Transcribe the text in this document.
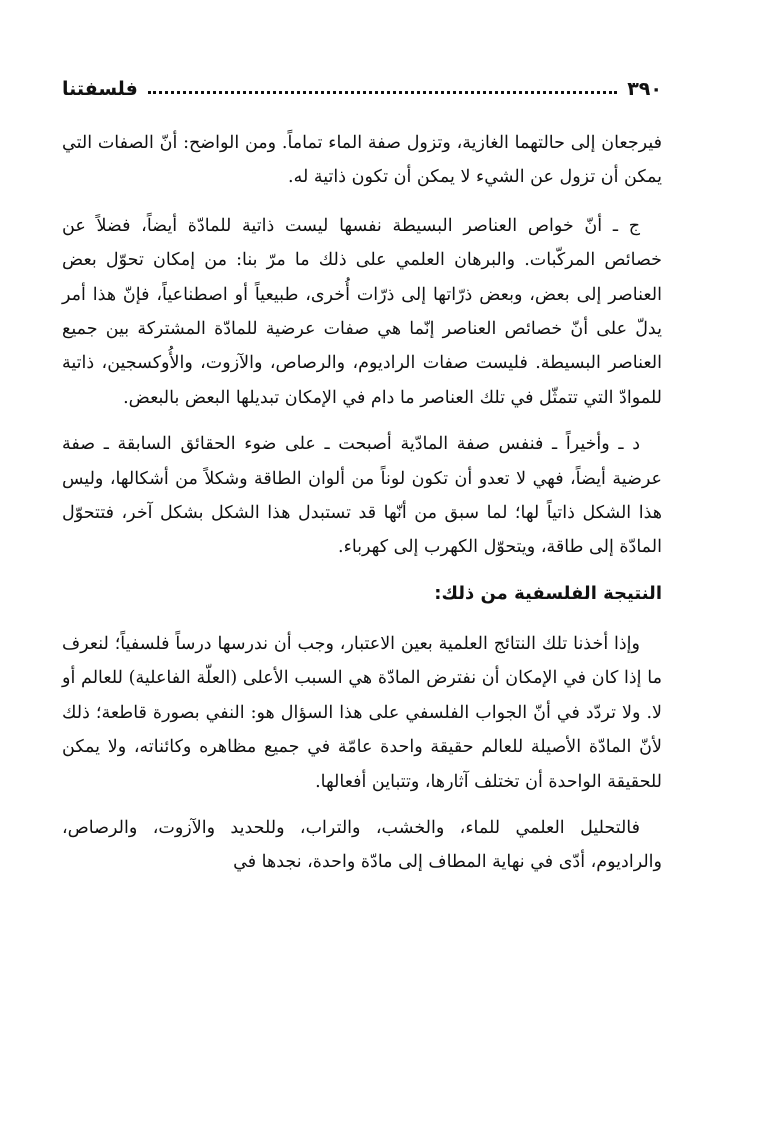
٣٩٠
فلسفتنا

فيرجعان إلى حالتهما الغازية، وتزول صفة الماء تماماً. ومن الواضح: أنّ الصفات التي يمكن أن تزول عن الشيء لا يمكن أن تكون ذاتية له.

ج ـ أنّ خواص العناصر البسيطة نفسها ليست ذاتية للمادّة أيضاً، فضلاً عن خصائص المركّبات. والبرهان العلمي على ذلك ما مرّ بنا: من إمكان تحوّل بعض العناصر إلى بعض، وبعض ذرّاتها إلى ذرّات أُخرى، طبيعياً أو اصطناعياً، فإنّ هذا أمر يدلّ على أنّ خصائص العناصر إنّما هي صفات عرضية للمادّة المشتركة بين جميع العناصر البسيطة. فليست صفات الراديوم، والرصاص، والآزوت، والأُوكسجين، ذاتية للموادّ التي تتمثّل في تلك العناصر ما دام في الإمكان تبديلها البعض بالبعض.

د ـ وأخيراً ـ فنفس صفة المادّية أصبحت ـ على ضوء الحقائق السابقة ـ صفة عرضية أيضاً، فهي لا تعدو أن تكون لوناً من ألوان الطاقة وشكلاً من أشكالها، وليس هذا الشكل ذاتياً لها؛ لما سبق من أنّها قد تستبدل هذا الشكل بشكل آخر، فتتحوّل المادّة إلى طاقة، ويتحوّل الكهرب إلى كهرباء.

النتيجة الفلسفية من ذلك:

وإذا أخذنا تلك النتائج العلمية بعين الاعتبار، وجب أن ندرسها درساً فلسفياً؛ لنعرف ما إذا كان في الإمكان أن نفترض المادّة هي السبب الأعلى (العلّة الفاعلية) للعالم أو لا. ولا تردّد في أنّ الجواب الفلسفي على هذا السؤال هو: النفي بصورة قاطعة؛ ذلك لأنّ المادّة الأصيلة للعالم حقيقة واحدة عامّة في جميع مظاهره وكائناته، ولا يمكن للحقيقة الواحدة أن تختلف آثارها، وتتباين أفعالها.

فالتحليل العلمي للماء، والخشب، والتراب، وللحديد والآزوت، والرصاص، والراديوم، أدّى في نهاية المطاف إلى مادّة واحدة، نجدها في
